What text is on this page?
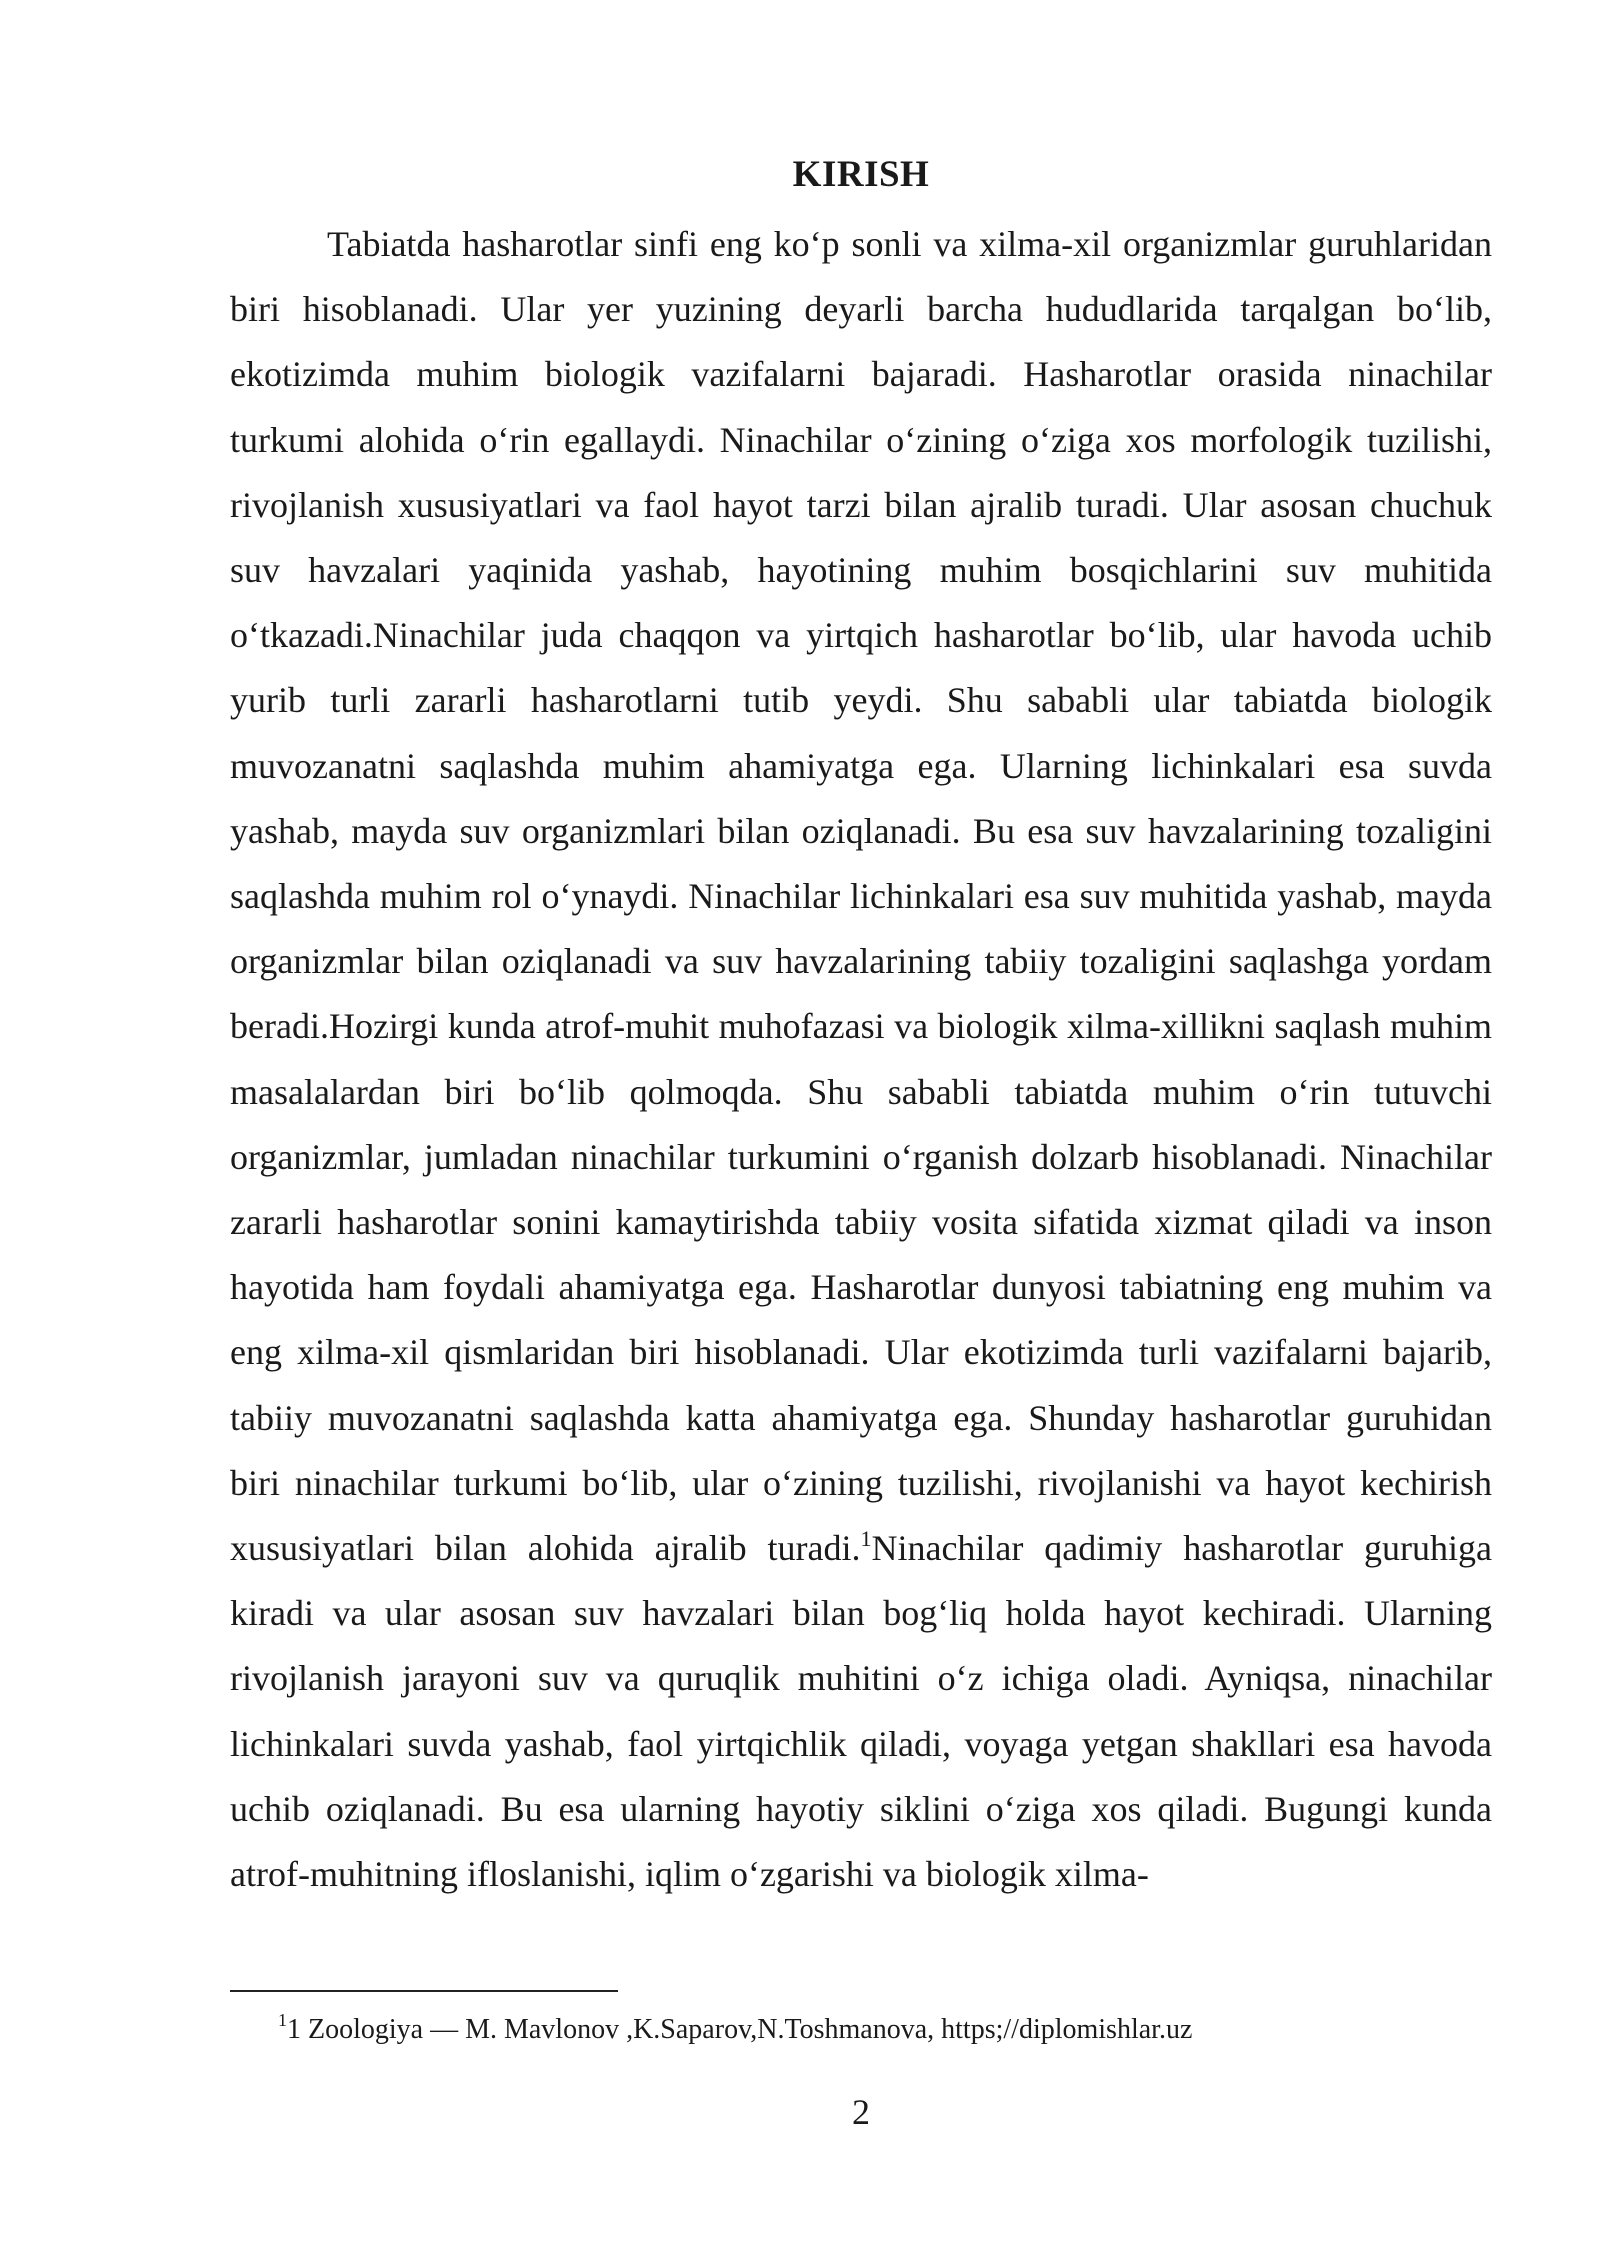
KIRISH

Tabiatda hasharotlar sinfi eng ko‘p sonli va xilma-xil organizmlar guruhlaridan biri hisoblanadi. Ular yer yuzining deyarli barcha hududlarida tarqalgan bo‘lib, ekotizimda muhim biologik vazifalarni bajaradi. Hasharotlar orasida ninachilar turkumi alohida o‘rin egallaydi. Ninachilar o‘zining o‘ziga xos morfologik tuzilishi, rivojlanish xususiyatlari va faol hayot tarzi bilan ajralib turadi. Ular asosan chuchuk suv havzalari yaqinida yashab, hayotining muhim bosqichlarini suv muhitida o‘tkazadi.Ninachilar juda chaqqon va yirtqich hasharotlar bo‘lib, ular havoda uchib yurib turli zararli hasharotlarni tutib yeydi. Shu sababli ular tabiatda biologik muvozanatni saqlashda muhim ahamiyatga ega. Ularning lichinkalari esa suvda yashab, mayda suv organizmlari bilan oziqlanadi. Bu esa suv havzalarining tozaligini saqlashda muhim rol o‘ynaydi. Ninachilar lichinkalari esa suv muhitida yashab, mayda organizmlar bilan oziqlanadi va suv havzalarining tabiiy tozaligini saqlashga yordam beradi.Hozirgi kunda atrof-muhit muhofazasi va biologik xilma-xillikni saqlash muhim masalalardan biri bo‘lib qolmoqda. Shu sababli tabiatda muhim o‘rin tutuvchi organizmlar, jumladan ninachilar turkumini o‘rganish dolzarb hisoblanadi. Ninachilar zararli hasharotlar sonini kamaytirishda tabiiy vosita sifatida xizmat qiladi va inson hayotida ham foydali ahamiyatga ega. Hasharotlar dunyosi tabiatning eng muhim va eng xilma-xil qismlaridan biri hisoblanadi. Ular ekotizimda turli vazifalarni bajarib, tabiiy muvozanatni saqlashda katta ahamiyatga ega. Shunday hasharotlar guruhidan biri ninachilar turkumi bo‘lib, ular o‘zining tuzilishi, rivojlanishi va hayot kechirish xususiyatlari bilan alohida ajralib turadi.$^1$Ninachilar qadimiy hasharotlar guruhiga kiradi va ular asosan suv havzalari bilan bog‘liq holda hayot kechiradi. Ularning rivojlanish jarayoni suv va quruqlik muhitini o‘z ichiga oladi. Ayniqsa, ninachilar lichinkalari suvda yashab, faol yirtqichlik qiladi, voyaga yetgan shakllari esa havoda uchib oziqlanadi. Bu esa ularning hayotiy siklini o‘ziga xos qiladi. Bugungi kunda atrof-muhitning ifloslanishi, iqlim o‘zgarishi va biologik xilma-

$^1$1 Zoologiya — M. Mavlonov ,K.Saparov,N.Toshmanova, https;//diplomishlar.uz
2
